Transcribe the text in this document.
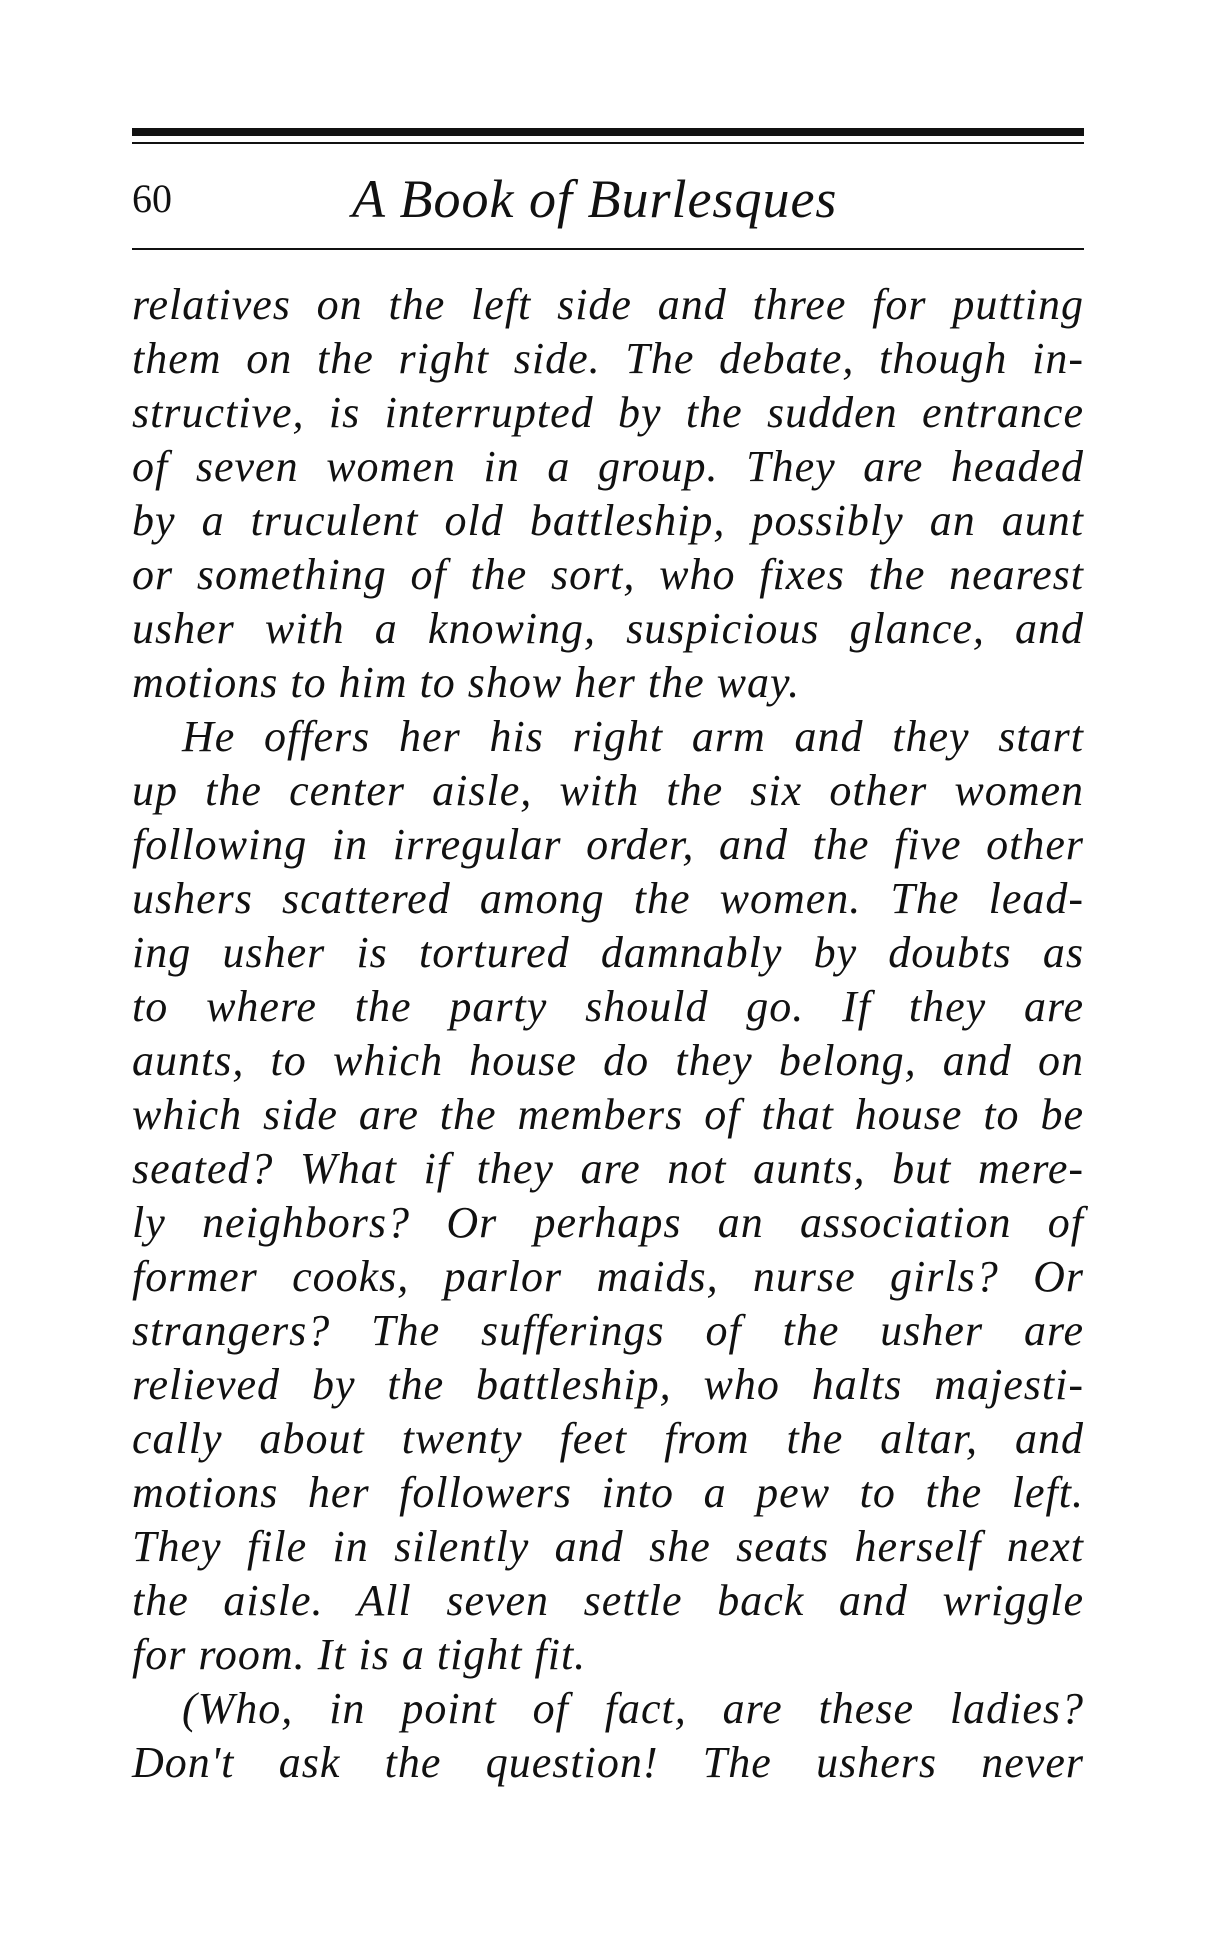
60	A Book of Burlesques
relatives on the left side and three for putting
them on the right side. The debate, though in-
structive, is interrupted by the sudden entrance
of seven women in a group. They are headed
by a truculent old battleship, possibly an aunt
or something of the sort, who fixes the nearest
usher with a knowing, suspicious glance, and
motions to him to show her the way.
He offers her his right arm and they start
up the center aisle, with the six other women
following in irregular order, and the five other
ushers scattered among the women. The lead-
ing usher is tortured damnably by doubts as
to where the party should go. If they are
aunts, to which house do they belong, and on
which side are the members of that house to be
seated? What if they are not aunts, but mere-
ly neighbors? Or perhaps an association of
former cooks, parlor maids, nurse girls? Or
strangers? The sufferings of the usher are
relieved by the battleship, who halts majesti-
cally about twenty feet from the altar, and
motions her followers into a pew to the left.
They file in silently and she seats herself next
the aisle. All seven settle back and wriggle
for room. It is a tight fit.
(Who, in point of fact, are these ladies?
Don't ask the question! The ushers never
